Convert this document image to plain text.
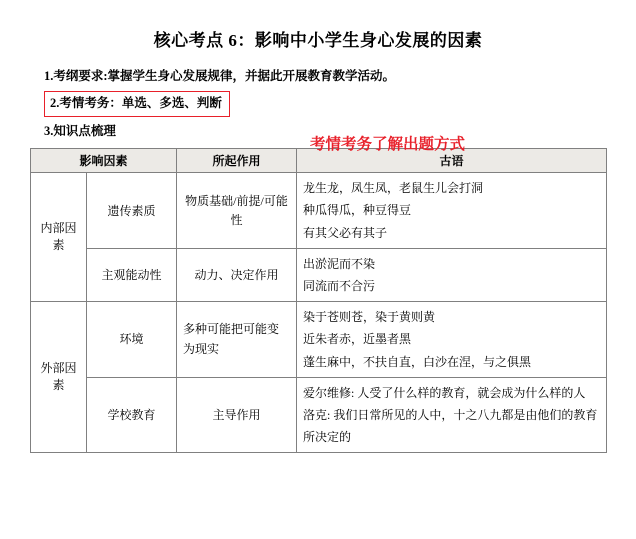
核心考点 6：影响中小学生身心发展的因素
1.考纲要求:掌握学生身心发展规律，并据此开展教育教学活动。
2.考情考务：单选、多选、判断
3.知识点梳理
考情考务了解出题方式
影响因素		所起作用	古语
内部因素	遗传素质	物质基础/前提/可能性	龙生龙，凤生凤，老鼠生儿会打洞
种瓜得瓜，种豆得豆
有其父必有其子

	主观能动性	动力、决定作用	出淤泥而不染
同流而不合污

外部因素	环境	多种可能把可能变为现实	染于苍则苍，染于黄则黄
近朱者赤，近墨者黑
蓬生麻中，不扶自直，白沙在涅，与之俱黑

	学校教育	主导作用	爱尔维修: 人受了什么样的教育，就会成为什么样的人
洛克: 我们日常所见的人中，十之八九都是由他们的教育所决定的
